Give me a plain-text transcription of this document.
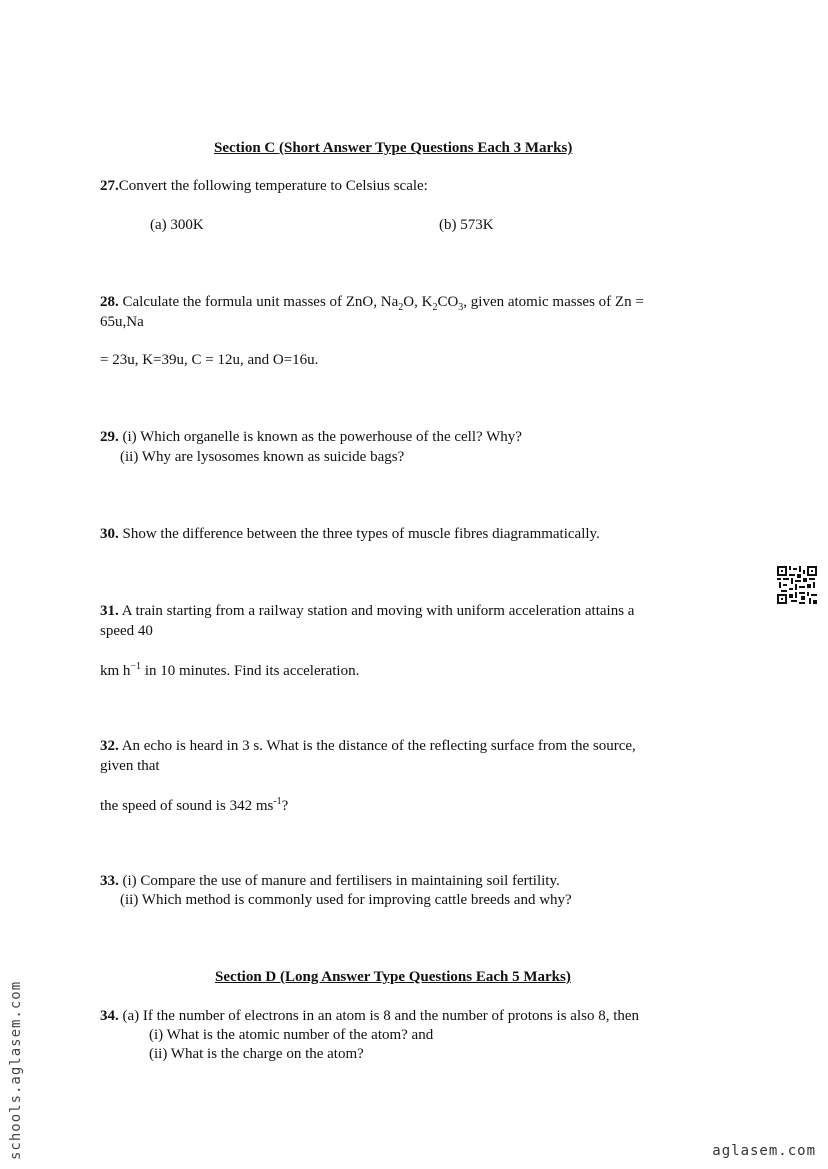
Section C (Short Answer Type Questions Each 3 Marks)
27.Convert the following temperature to Celsius scale:
(a) 300K	(b) 573K
28. Calculate the formula unit masses of ZnO, $Na_2O$, $K_2CO_3$, given atomic masses of Zn =
65u,Na
= 23u, K=39u, C = 12u, and O=16u.
29. (i) Which organelle is known as the powerhouse of the cell? Why?
(ii) Why are lysosomes known as suicide bags?
30. Show the difference between the three types of muscle fibres diagrammatically.
31. A train starting from a railway station and moving with uniform acceleration attains a
speed 40
km $h^{-1}$ in 10 minutes. Find its acceleration.
32. An echo is heard in 3 s. What is the distance of the reflecting surface from the source,
given that
the speed of sound is 342 $ms^{-1}$?
33. (i) Compare the use of manure and fertilisers in maintaining soil fertility.
(ii) Which method is commonly used for improving cattle breeds and why?
Section D (Long Answer Type Questions Each 5 Marks)
34. (a) If the number of electrons in an atom is 8 and the number of protons is also 8, then
(i) What is the atomic number of the atom? and
(ii) What is the charge on the atom?
schools.aglasem.com	aglasem.com
